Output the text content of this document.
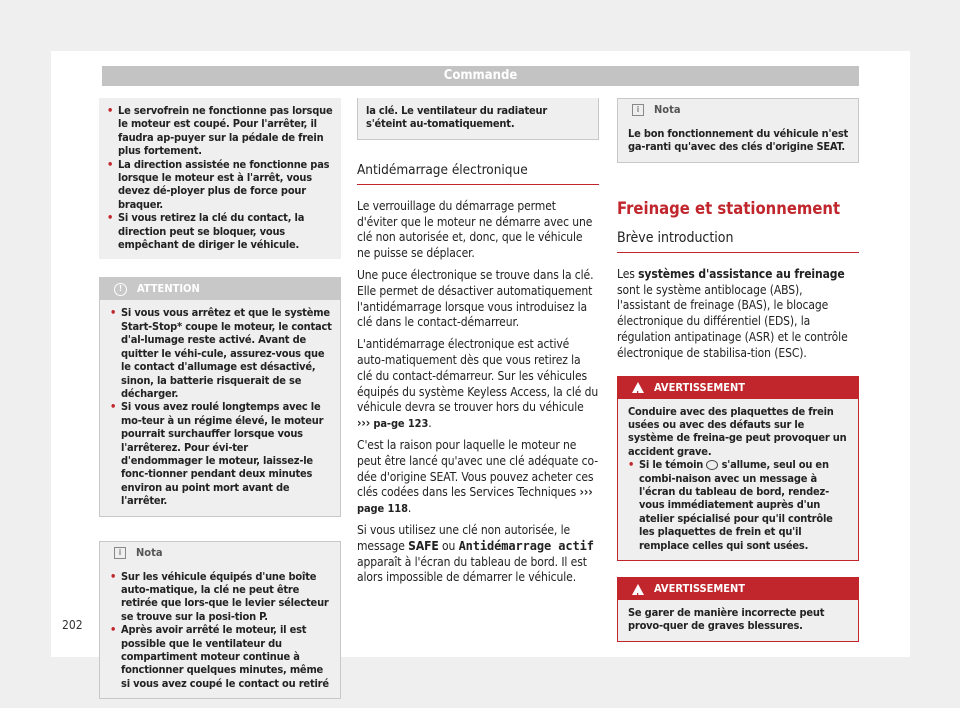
Commande
• Le servofrein ne fonctionne pas lorsque le moteur est coupé. Pour l'arrêter, il faudra ap-puyer sur la pédale de frein plus fortement.
• La direction assistée ne fonctionne pas lorsque le moteur est à l'arrêt, vous devez dé-ployer plus de force pour braquer.
• Si vous retirez la clé du contact, la direction peut se bloquer, vous empêchant de diriger le véhicule.
!	ATTENTION
• Si vous vous arrêtez et que le système Start-Stop* coupe le moteur, le contact d'al-lumage reste activé. Avant de quitter le véhi-cule, assurez-vous que le contact d'allumage est désactivé, sinon, la batterie risquerait de se décharger.
• Si vous avez roulé longtemps avec le mo-teur à un régime élevé, le moteur pourrait surchauffer lorsque vous l'arrêterez. Pour évi-ter d'endommager le moteur, laissez-le fonc-tionner pendant deux minutes environ au point mort avant de l'arrêter.
i	Nota
• Sur les véhicule équipés d'une boîte auto-matique, la clé ne peut être retirée que lors-que le levier sélecteur se trouve sur la posi-tion P.
• Après avoir arrêté le moteur, il est possible que le ventilateur du compartiment moteur continue à fonctionner quelques minutes, même si vous avez coupé le contact ou retiré
la clé. Le ventilateur du radiateur s'éteint au-tomatiquement.
Antidémarrage électronique

Le verrouillage du démarrage permet d'éviter que le moteur ne démarre avec une clé non autorisée et, donc, que le véhicule ne puisse se déplacer.

Une puce électronique se trouve dans la clé. Elle permet de désactiver automatiquement l'antidémarrage lorsque vous introduisez la clé dans le contact-démarreur.

L'antidémarrage électronique est activé auto-matiquement dès que vous retirez la clé du contact-démarreur. Sur les véhicules équipés du système Keyless Access, la clé du véhicule devra se trouver hors du véhicule ››› pa-ge 123.

C'est la raison pour laquelle le moteur ne peut être lancé qu'avec une clé adéquate co-dée d'origine SEAT. Vous pouvez acheter ces clés codées dans les Services Techniques ››› page 118.

Si vous utilisez une clé non autorisée, le message SAFE ou Antidémarrage actif apparaît à l'écran du tableau de bord. Il est alors impossible de démarrer le véhicule.

i	Nota
Le bon fonctionnement du véhicule n'est ga-ranti qu'avec des clés d'origine SEAT.
Freinage et stationnement
Brève introduction

Les systèmes d'assistance au freinage sont le système antiblocage (ABS), l'assistant de freinage (BAS), le blocage électronique du différentiel (EDS), la régulation antipatinage (ASR) et le contrôle électronique de stabilisa-tion (ESC).

!
AVERTISSEMENT
Conduire avec des plaquettes de frein usées ou avec des défauts sur le système de freina-ge peut provoquer un accident grave.
• Si le témoin s'allume, seul ou en combi-naison avec un message à l'écran du tableau de bord, rendez-vous immédiatement auprès d'un atelier spécialisé pour qu'il contrôle les plaquettes de frein et qu'il remplace celles qui sont usées.
!
AVERTISSEMENT
Se garer de manière incorrecte peut provo-quer de graves blessures.
202
